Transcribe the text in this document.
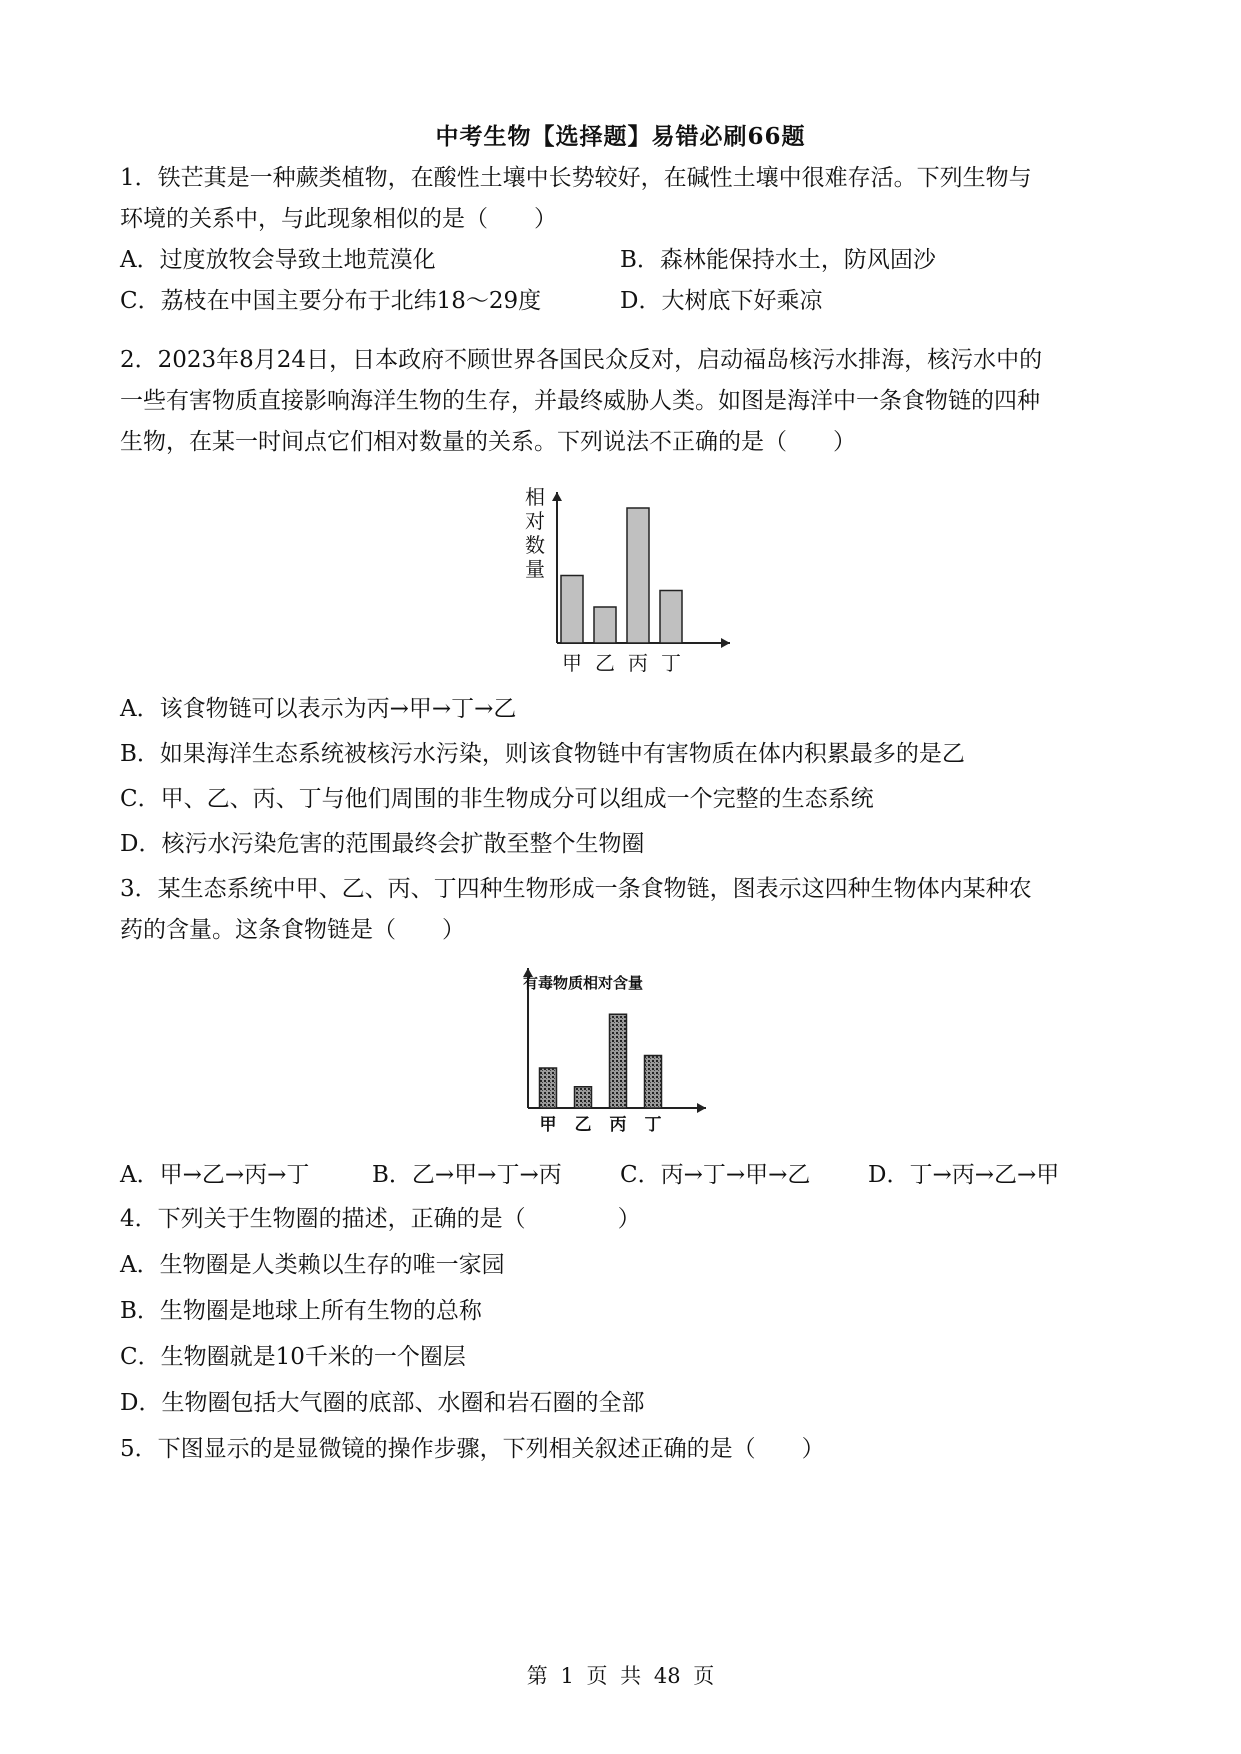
中考生物【选择题】易错必刷66题
1．铁芒萁是一种蕨类植物，在酸性土壤中长势较好，在碱性土壤中很难存活。下列生物与
环境的关系中，与此现象相似的是（　　）
A．过度放牧会导致土地荒漠化	B．森林能保持水土，防风固沙
C．荔枝在中国主要分布于北纬18～29度	D．大树底下好乘凉
2．2023年8月24日，日本政府不顾世界各国民众反对，启动福岛核污水排海，核污水中的
一些有害物质直接影响海洋生物的生存，并最终威胁人类。如图是海洋中一条食物链的四种
生物，在某一时间点它们相对数量的关系。下列说法不正确的是（　　）
相
对
数
量
甲 乙 丙 丁
A．该食物链可以表示为丙→甲→丁→乙
B．如果海洋生态系统被核污水污染，则该食物链中有害物质在体内积累最多的是乙
C．甲、乙、丙、丁与他们周围的非生物成分可以组成一个完整的生态系统
D．核污水污染危害的范围最终会扩散至整个生物圈
3．某生态系统中甲、乙、丙、丁四种生物形成一条食物链，图表示这四种生物体内某种农
药的含量。这条食物链是（　　）
有毒物质相对含量
甲 乙 丙 丁
A．甲→乙→丙→丁	B．乙→甲→丁→丙	C．丙→丁→甲→乙	D．丁→丙→乙→甲
4．下列关于生物圈的描述，正确的是（　　　　）
A．生物圈是人类赖以生存的唯一家园
B．生物圈是地球上所有生物的总称
C．生物圈就是10千米的一个圈层
D．生物圈包括大气圈的底部、水圈和岩石圈的全部
5．下图显示的是显微镜的操作步骤，下列相关叙述正确的是（　　）
第 1 页 共 48 页
